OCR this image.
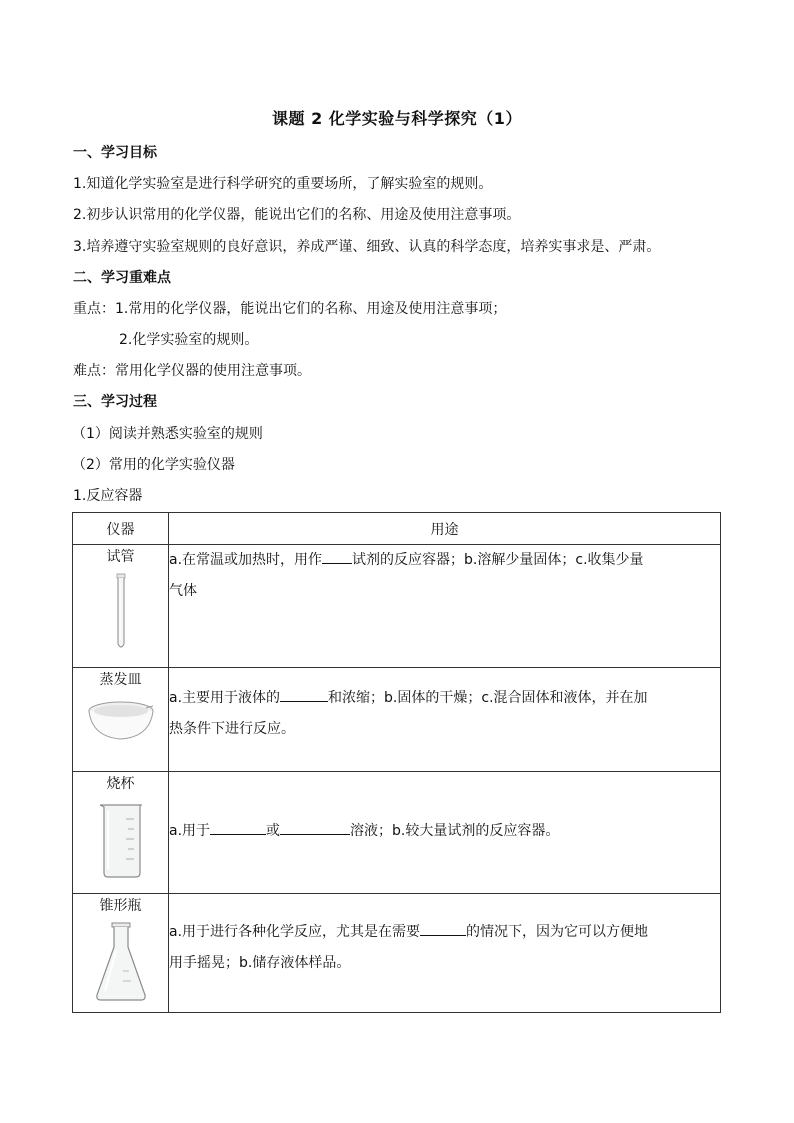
课题 2 化学实验与科学探究（1）
一、学习目标
1.知道化学实验室是进行科学研究的重要场所，了解实验室的规则。
2.初步认识常用的化学仪器，能说出它们的名称、用途及使用注意事项。
3.培养遵守实验室规则的良好意识，养成严谨、细致、认真的科学态度，培养实事求是、严肃。
二、学习重难点
重点：1.常用的化学仪器，能说出它们的名称、用途及使用注意事项；
2.化学实验室的规则。
难点：常用化学仪器的使用注意事项。
三、学习过程
（1）阅读并熟悉实验室的规则
（2）常用的化学实验仪器
1.反应容器
仪器	用途

试管	a.在常温或加热时，用作 试剂的反应容器；b.溶解少量固体；c.收集少量
气体

蒸发皿	a.主要用于液体的 和浓缩；b.固体的干燥；c.混合固体和液体，并在加
热条件下进行反应。

烧杯	a.用于 或 溶液；b.较大量试剂的反应容器。

锥形瓶	a.用于进行各种化学反应，尤其是在需要 的情况下，因为它可以方便地
用手摇晃；b.储存液体样品。
